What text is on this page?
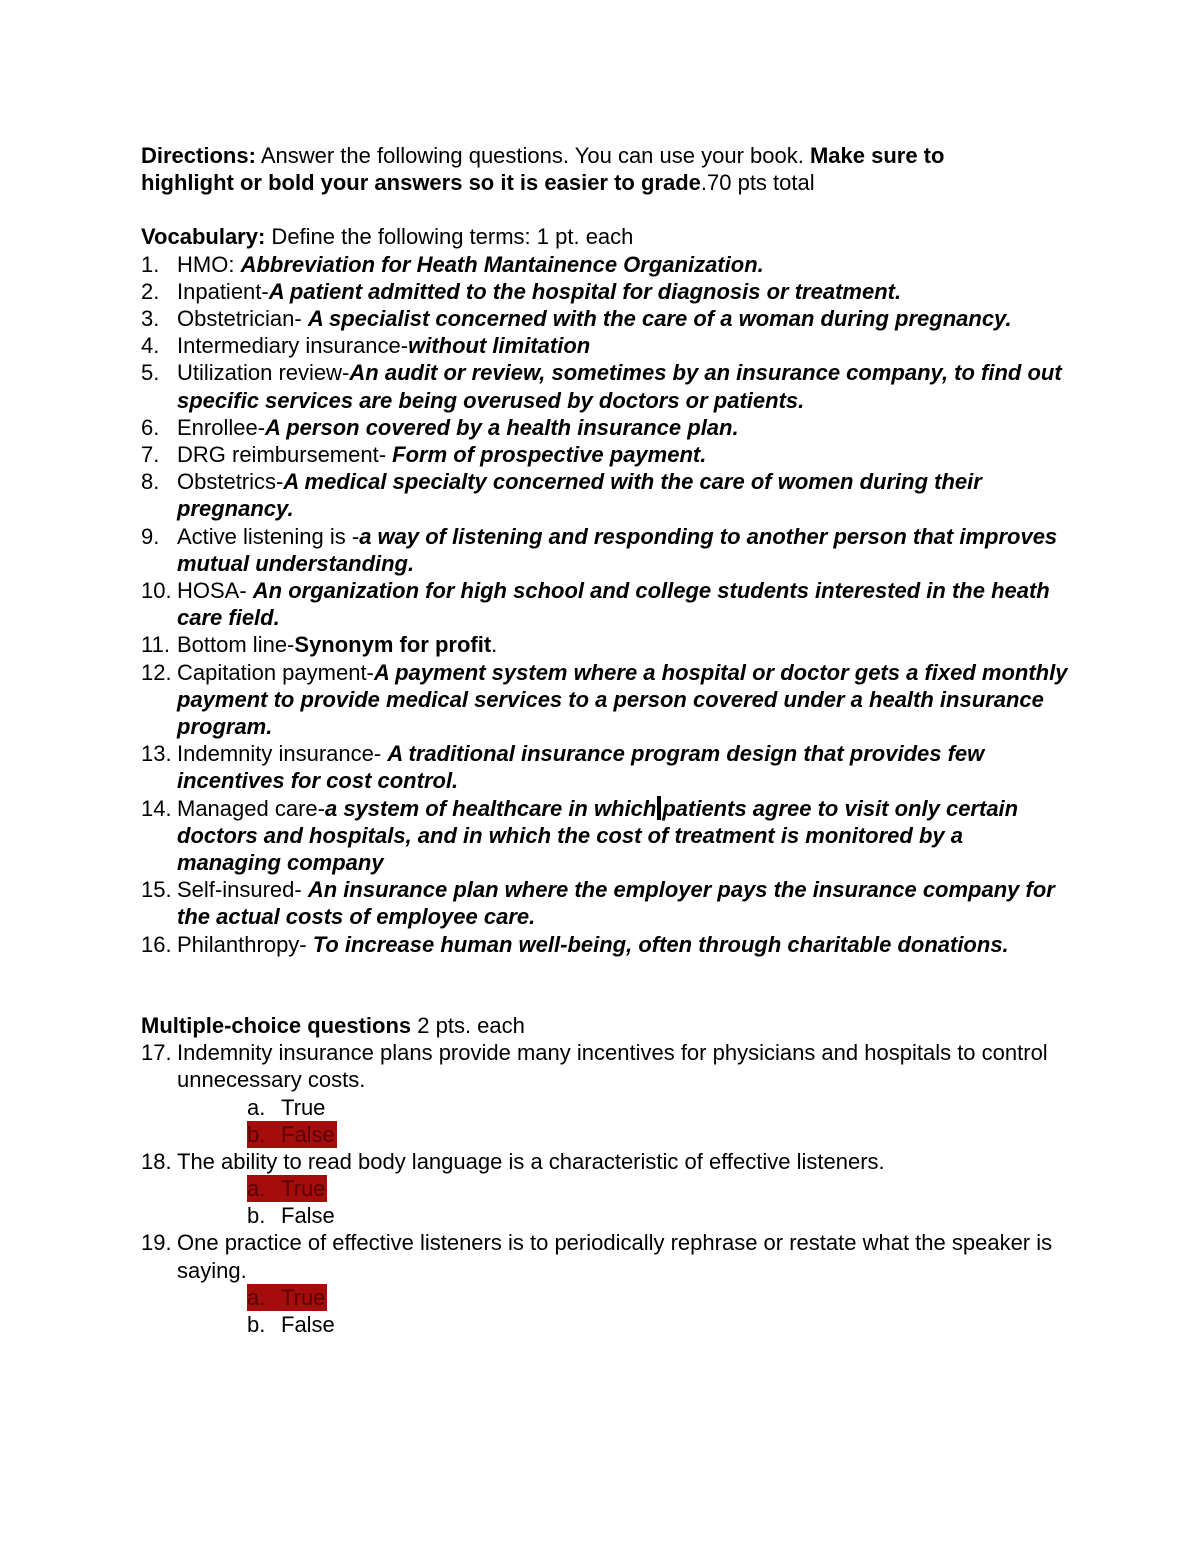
Directions: Answer the following questions. You can use your book. Make sure to
highlight or bold your answers so it is easier to grade.70 pts total
Vocabulary: Define the following terms: 1 pt. each
1. HMO: Abbreviation for Heath Mantainence Organization.
2. Inpatient-A patient admitted to the hospital for diagnosis or treatment.
3. Obstetrician- A specialist concerned with the care of a woman during pregnancy.
4. Intermediary insurance-without limitation
5. Utilization review-An audit or review, sometimes by an insurance company, to find out specific services are being overused by doctors or patients.
6. Enrollee-A person covered by a health insurance plan.
7. DRG reimbursement- Form of prospective payment.
8. Obstetrics-A medical specialty concerned with the care of women during their pregnancy.
9. Active listening is -a way of listening and responding to another person that improves mutual understanding.
10. HOSA- An organization for high school and college students interested in the heath care field.
11. Bottom line-Synonym for profit.
12. Capitation payment-A payment system where a hospital or doctor gets a fixed monthly payment to provide medical services to a person covered under a health insurance program.
13. Indemnity insurance- A traditional insurance program design that provides few incentives for cost control.
14. Managed care-a system of healthcare in which patients agree to visit only certain doctors and hospitals, and in which the cost of treatment is monitored by a managing company
15. Self-insured- An insurance plan where the employer pays the insurance company for the actual costs of employee care.
16. Philanthropy- To increase human well-being, often through charitable donations.
Multiple-choice questions 2 pts. each
17. Indemnity insurance plans provide many incentives for physicians and hospitals to control unnecessary costs.
a. True
b. False
18. The ability to read body language is a characteristic of effective listeners.
a. True
b. False
19. One practice of effective listeners is to periodically rephrase or restate what the speaker is saying.
a. True
b. False
